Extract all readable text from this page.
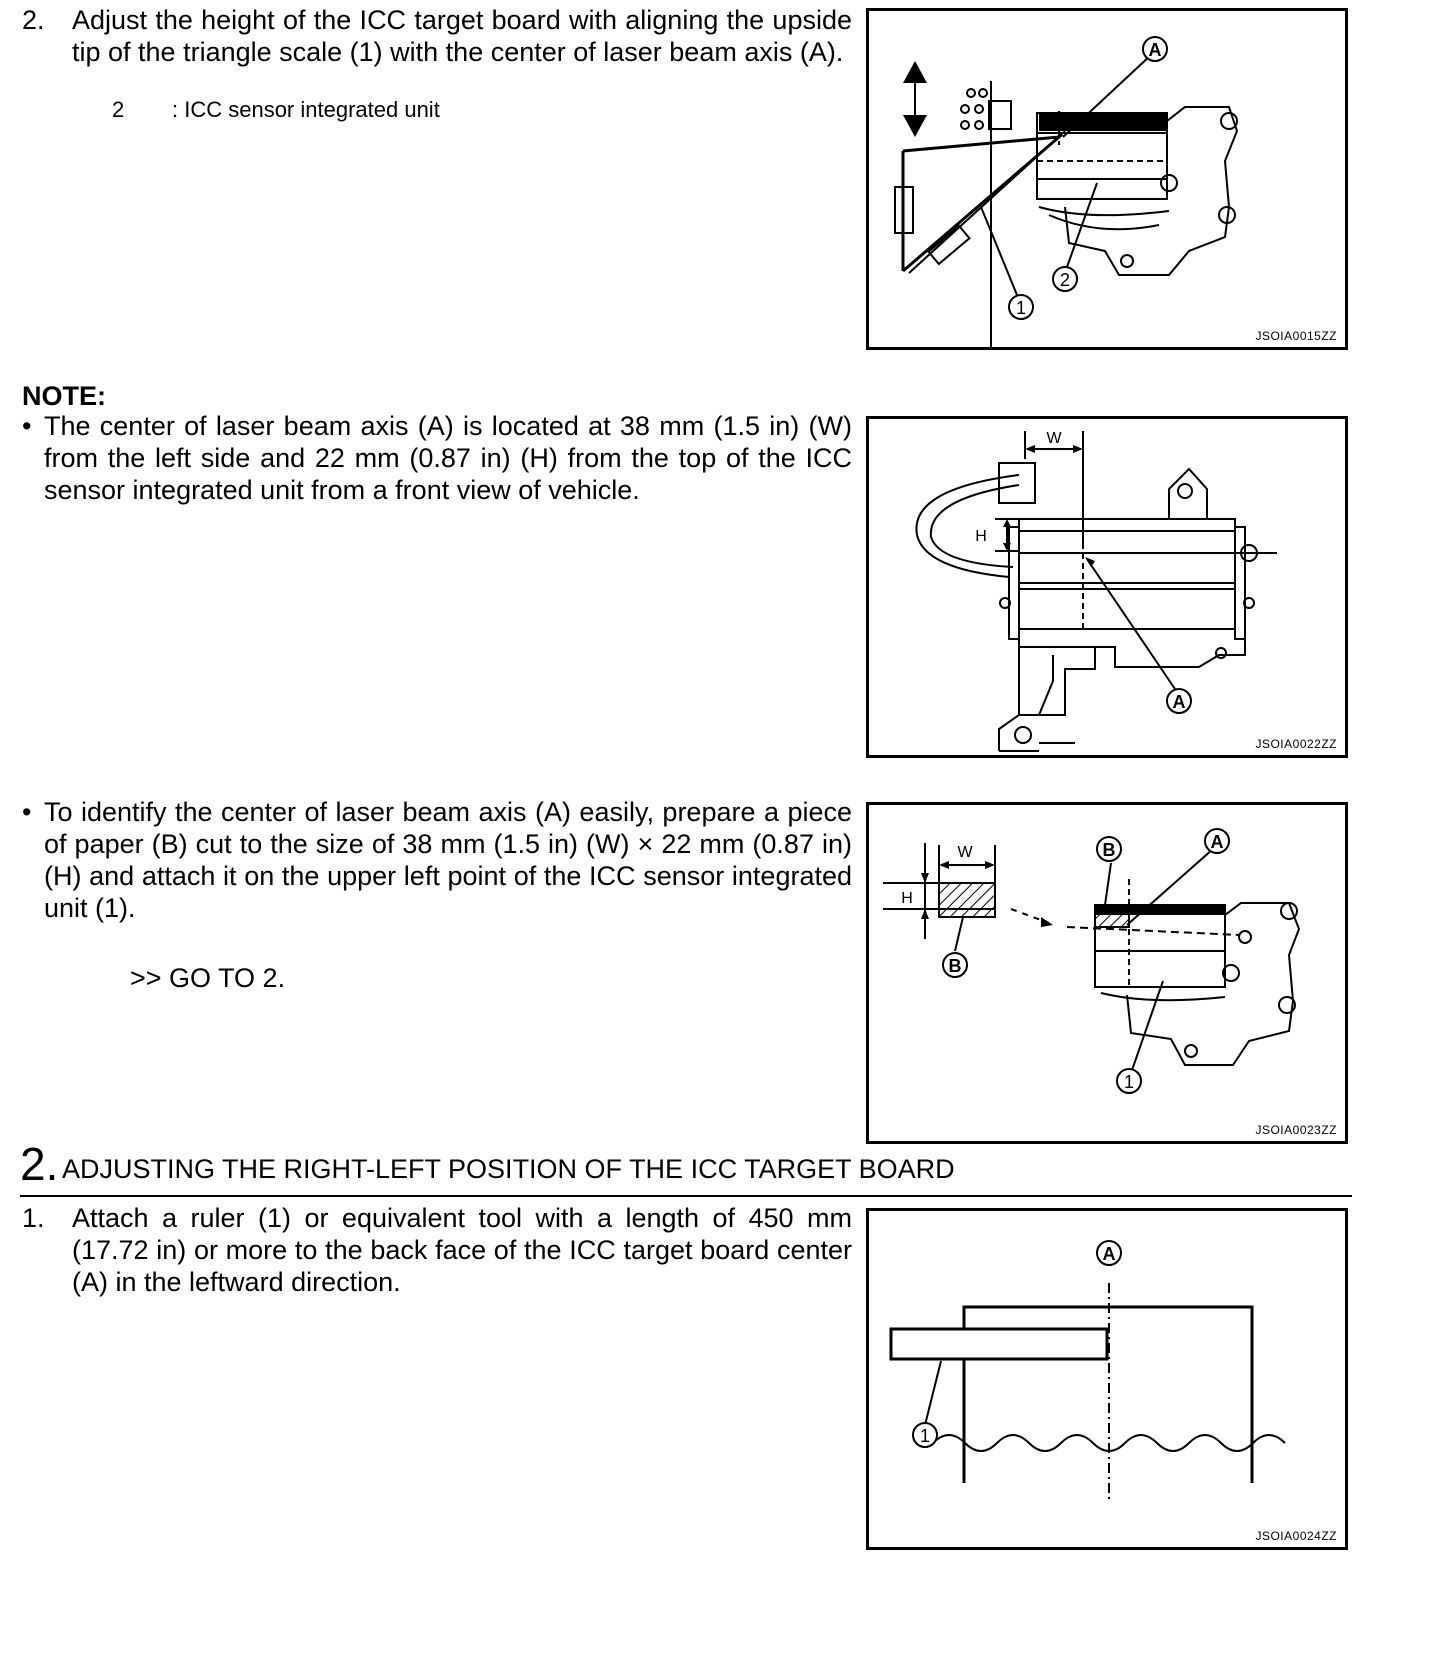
2. Adjust the height of the ICC target board with aligning the upside tip of the triangle scale (1) with the center of laser beam axis (A).
2 : ICC sensor integrated unit
A
1
2
JSOIA0015ZZ
NOTE:
• The center of laser beam axis (A) is located at 38 mm (1.5 in) (W) from the left side and 22 mm (0.87 in) (H) from the top of the ICC sensor integrated unit from a front view of vehicle.
W
H
A
JSOIA0022ZZ
• To identify the center of laser beam axis (A) easily, prepare a piece of paper (B) cut to the size of 38 mm (1.5 in) (W) × 22 mm (0.87 in) (H) and attach it on the upper left point of the ICC sensor integrated unit (1).
>> GO TO 2.
W
H
A
B
B
1
JSOIA0023ZZ
2. ADJUSTING THE RIGHT-LEFT POSITION OF THE ICC TARGET BOARD
1. Attach a ruler (1) or equivalent tool with a length of 450 mm (17.72 in) or more to the back face of the ICC target board center (A) in the leftward direction.
A
1
JSOIA0024ZZ
